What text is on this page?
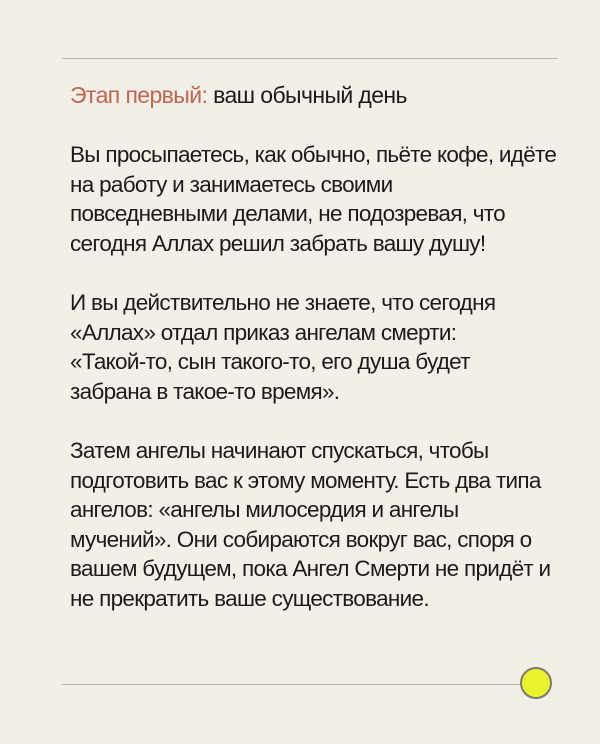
Этап первый: ваш обычный день

Вы просыпаетесь, как обычно, пьёте кофе, идёте
на работу и занимаетесь своими
повседневными делами, не подозревая, что
сегодня Аллах решил забрать вашу душу!

И вы действительно не знаете, что сегодня
«Аллах» отдал приказ ангелам смерти:
«Такой-то, сын такого-то, его душа будет
забрана в такое-то время».

Затем ангелы начинают спускаться, чтобы
подготовить вас к этому моменту. Есть два типа
ангелов: «ангелы милосердия и ангелы
мучений». Они собираются вокруг вас, споря о
вашем будущем, пока Ангел Смерти не придёт и
не прекратить ваше существование.
